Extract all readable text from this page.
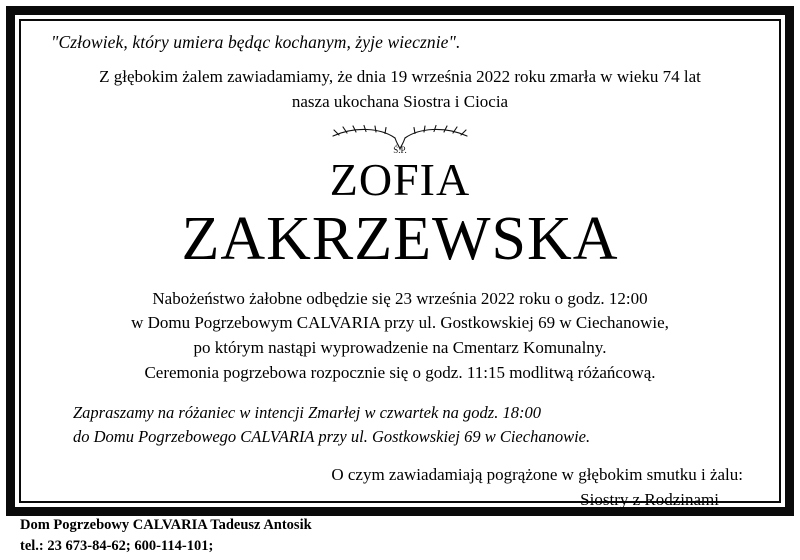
"Człowiek, który umiera będąc kochanym, żyje wiecznie".

Z głębokim żalem zawiadamiamy, że dnia 19 września 2022 roku zmarła w wieku 74 lat
nasza ukochana Siostra i Ciocia

Ś.P.
ZOFIA
ZAKRZEWSKA
Nabożeństwo żałobne odbędzie się 23 września 2022 roku o godz. 12:00
w Domu Pogrzebowym CALVARIA przy ul. Gostkowskiej 69 w Ciechanowie,
po którym nastąpi wyprowadzenie na Cmentarz Komunalny.
Ceremonia pogrzebowa rozpocznie się o godz. 11:15 modlitwą różańcową.
Zapraszamy na różaniec w intencji Zmarłej w czwartek na godz. 18:00
do Domu Pogrzebowego CALVARIA przy ul. Gostkowskiej 69 w Ciechanowie.
O czym zawiadamiają pogrążone w głębokim smutku i żalu:
Siostry z Rodzinami
Dom Pogrzebowy CALVARIA Tadeusz Antosik
tel.: 23 673-84-62; 600-114-101;
